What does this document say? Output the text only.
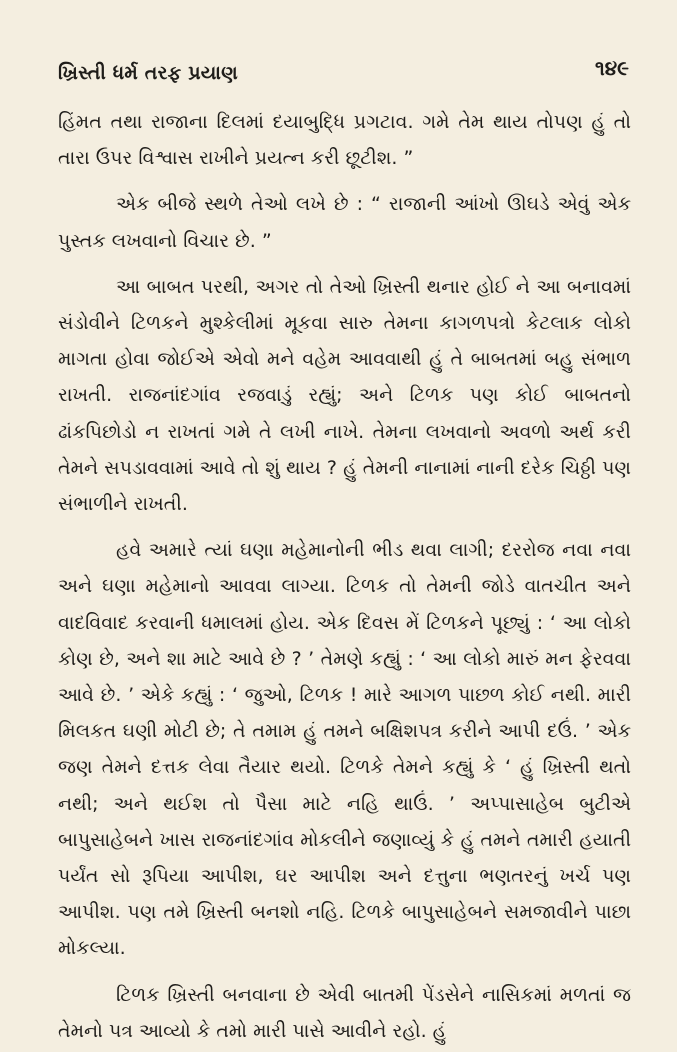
ખ્રિસ્તી ધર્મ તરફ પ્રયાણ	૧૪૯

હિંમત તથા રાજાના દિલમાં દયાબુદ્ધિ પ્રગટાવ. ગમે તેમ થાય તોપણ હું તો તારા ઉપર વિશ્વાસ રાખીને પ્રયત્ન કરી છૂટીશ. ”

એક બીજે સ્થળે તેઓ લખે છે : “ રાજાની આંખો ઊઘડે એવું એક પુસ્તક લખવાનો વિચાર છે. ”

આ બાબત પરથી, અગર તો તેઓ ખ્રિસ્તી થનાર હોઈ ને આ બનાવમાં સંડોવીને ટિળકને મુશ્કેલીમાં મૂકવા સારુ તેમના કાગળપત્રો કેટલાક લોકો માગતા હોવા જોઈએ એવો મને વહેમ આવવાથી હું તે બાબતમાં બહુ સંભાળ રાખતી. રાજનાંદગાંવ રજવાડું રહ્યું; અને ટિળક પણ કોઈ બાબતનો ઢાંકપિછોડો ન રાખતાં ગમે તે લખી નાખે. તેમના લખવાનો અવળો અર્થ કરી તેમને સપડાવવામાં આવે તો શું થાય ? હું તેમની નાનામાં નાની દરેક ચિઠ્ઠી પણ સંભાળીને રાખતી.

હવે અમારે ત્યાં ઘણા મહેમાનોની ભીડ થવા લાગી; દરરોજ નવા નવા અને ઘણા મહેમાનો આવવા લાગ્યા. ટિળક તો તેમની જોડે વાતચીત અને વાદવિવાદ કરવાની ધમાલમાં હોય. એક દિવસ મેં ટિળકને પૂછ્યું : ‘ આ લોકો કોણ છે, અને શા માટે આવે છે ? ’ તેમણે કહ્યું : ‘ આ લોકો મારું મન ફેરવવા આવે છે. ’ એકે કહ્યું : ‘ જુઓ, ટિળક ! મારે આગળ પાછળ કોઈ નથી. મારી મિલકત ઘણી મોટી છે; તે તમામ હું તમને બક્ષિશપત્ર કરીને આપી દઉં. ’ એક જણ તેમને દત્તક લેવા તૈયાર થયો. ટિળકે તેમને કહ્યું કે ‘ હું ખ્રિસ્તી થતો નથી; અને થઈશ તો પૈસા માટે નહિ થાઉં. ’ અપ્પાસાહેબ બુટીએ બાપુસાહેબને ખાસ રાજનાંદગાંવ મોકલીને જણાવ્યું કે હું તમને તમારી હયાતી પર્યંત સો રૂપિયા આપીશ, ઘર આપીશ અને દત્તુના ભણતરનું ખર્ચ પણ આપીશ. પણ તમે ખ્રિસ્તી બનશો નહિ. ટિળકે બાપુસાહેબને સમજાવીને પાછા મોકલ્યા.

ટિળક ખ્રિસ્તી બનવાના છે એવી બાતમી પેંડસેને નાસિકમાં મળતાં જ તેમનો પત્ર આવ્યો કે તમો મારી પાસે આવીને રહો. હું
